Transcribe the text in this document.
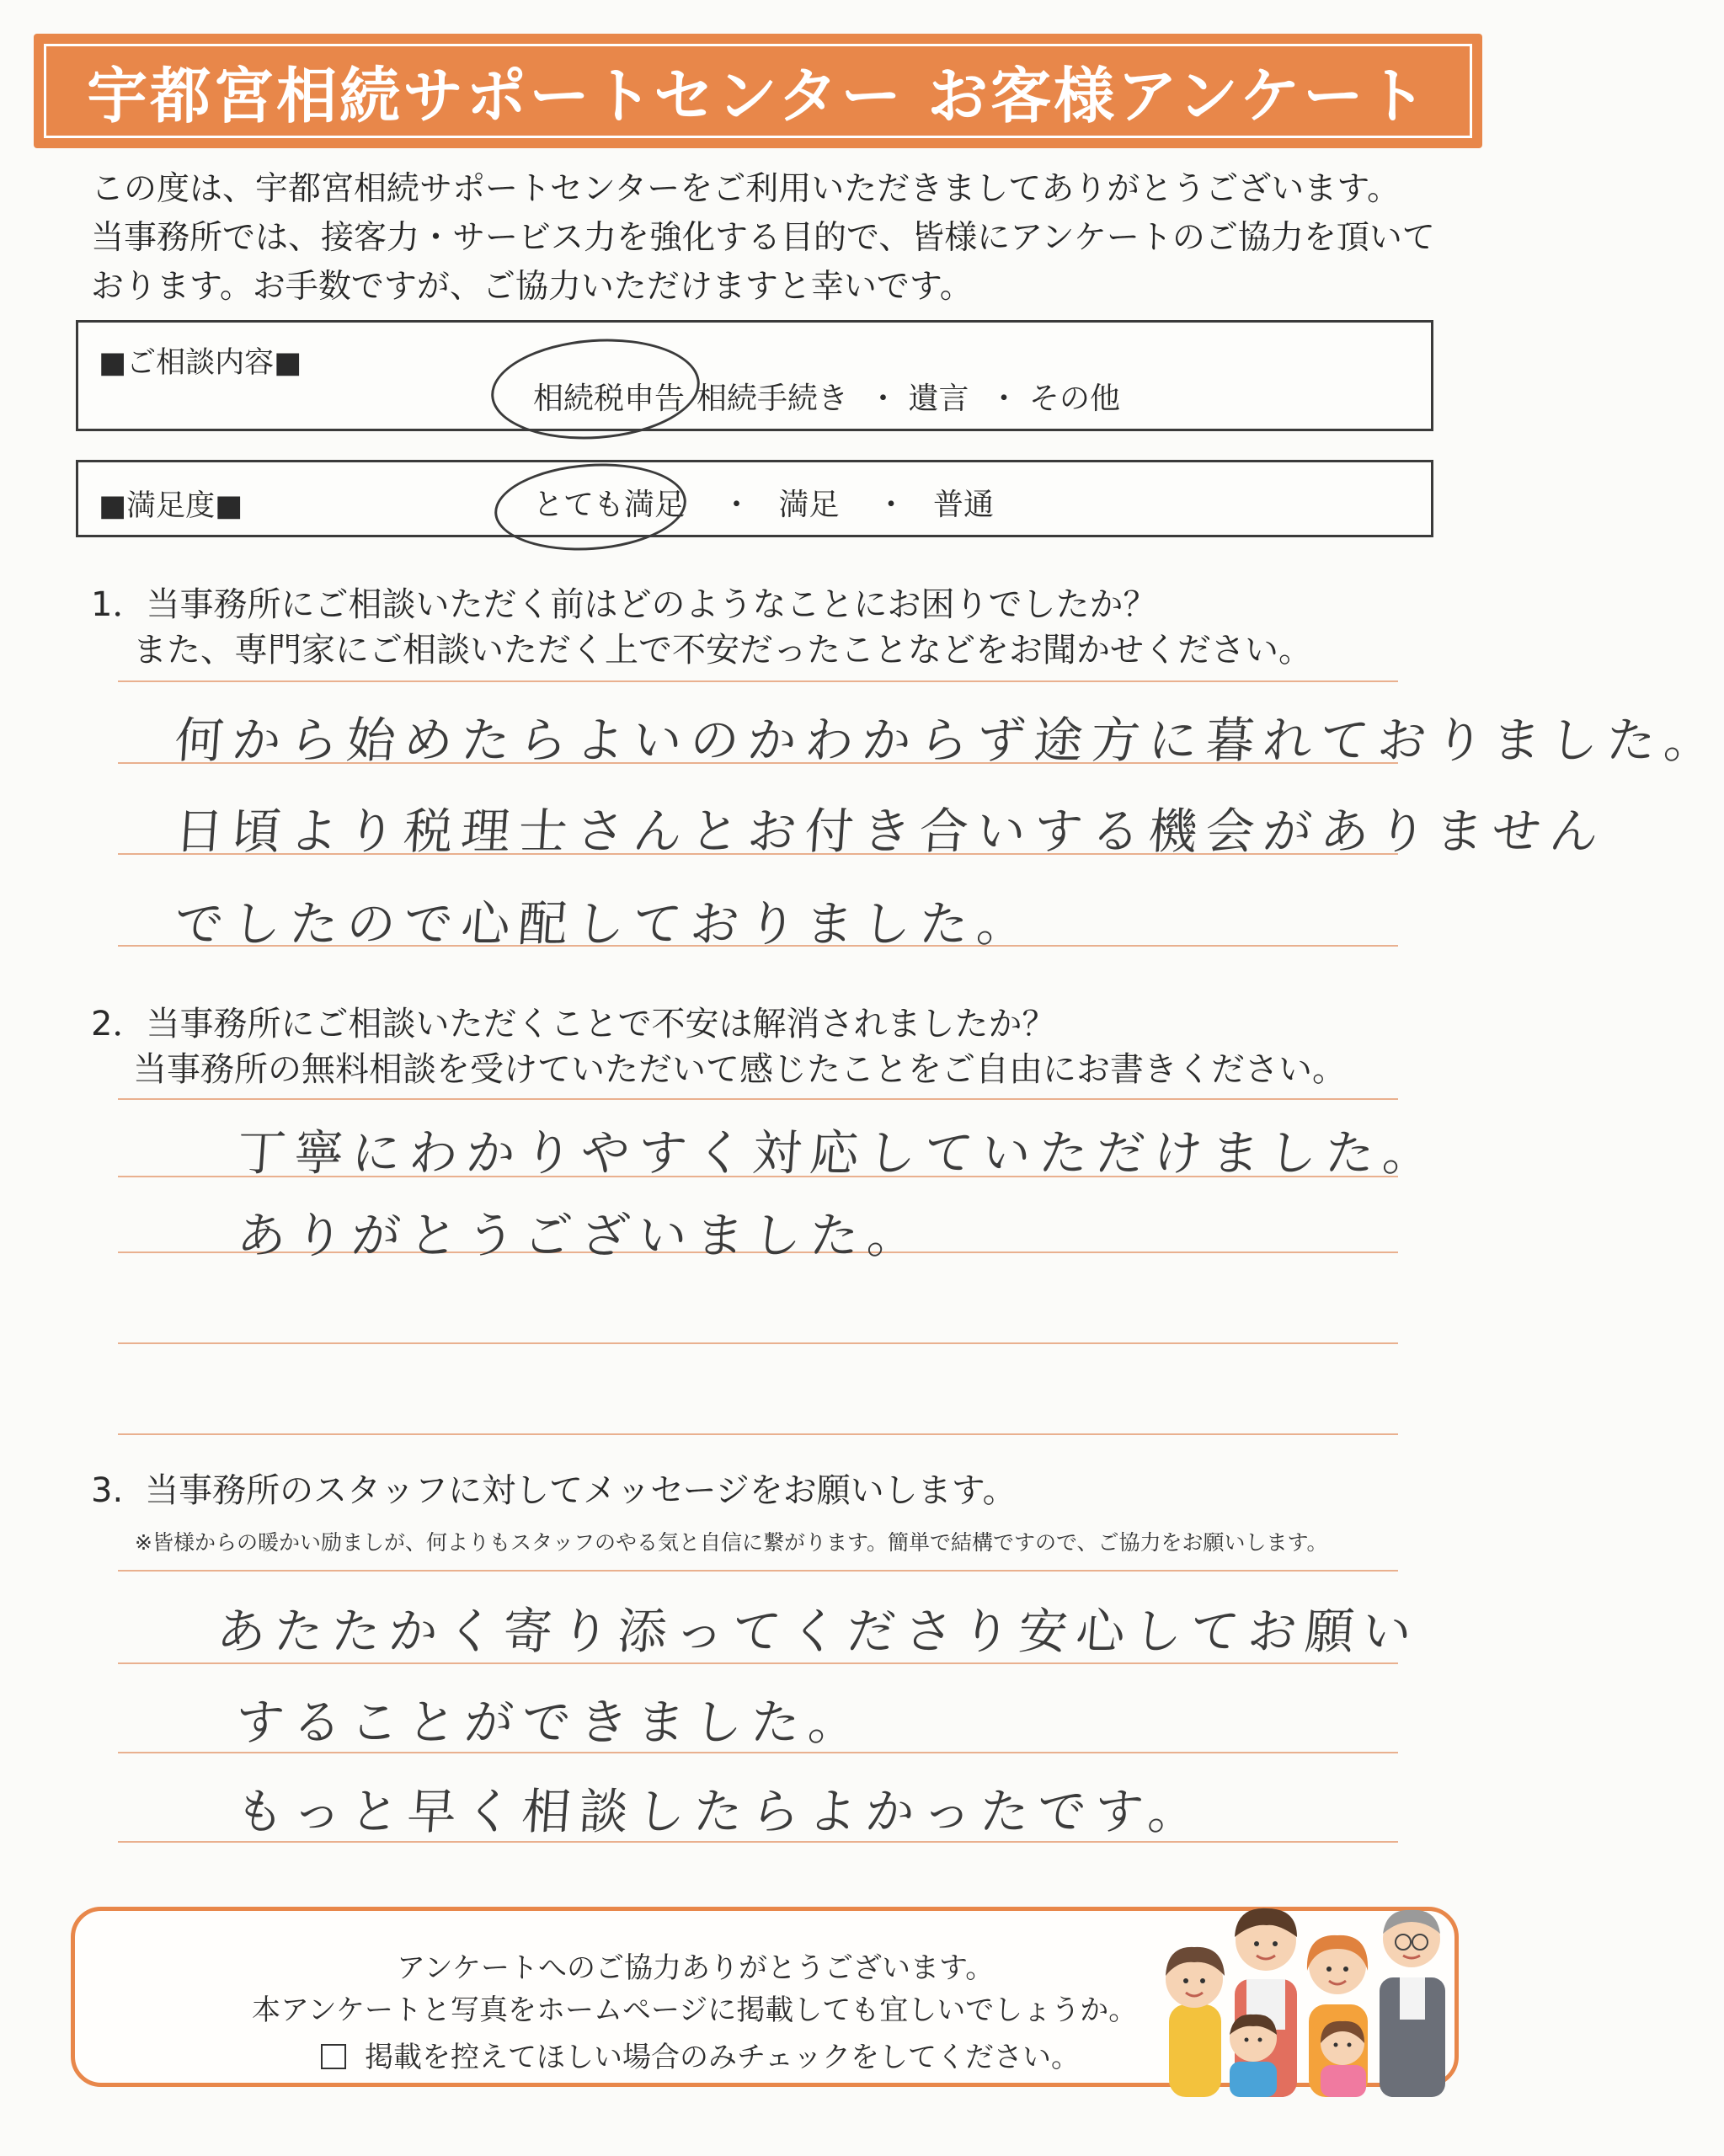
宇都宮相続サポートセンター お客様アンケート
この度は、宇都宮相続サポートセンターをご利用いただきましてありがとうございます。
当事務所では、接客力・サービス力を強化する目的で、皆様にアンケートのご協力を頂いて
おります。お手数ですが、ご協力いただけますと幸いです。
■ご相談内容■
相続税申告 相続手続き ・ 遺言 ・ その他
■満足度■	とても満足 ・ 満足 ・ 普通
1．当事務所にご相談いただく前はどのようなことにお困りでしたか？
また、専門家にご相談いただく上で不安だったことなどをお聞かせください。
何から始めたらよいのかわからず途方に暮れておりました。
日頃より税理士さんとお付き合いする機会がありません
でしたので心配しておりました。
2．当事務所にご相談いただくことで不安は解消されましたか？
当事務所の無料相談を受けていただいて感じたことをご自由にお書きください。
丁寧にわかりやすく対応していただけました。
ありがとうございました。
3. 当事務所のスタッフに対してメッセージをお願いします。
※皆様からの暖かい励ましが、何よりもスタッフのやる気と自信に繋がります。簡単で結構ですので、ご協力をお願いします。
あたたかく寄り添ってくださり安心してお願い
することができました。
もっと早く相談したらよかったです。
アンケートへのご協力ありがとうございます。
本アンケートと写真をホームページに掲載しても宜しいでしょうか。
掲載を控えてほしい場合のみチェックをしてください。
